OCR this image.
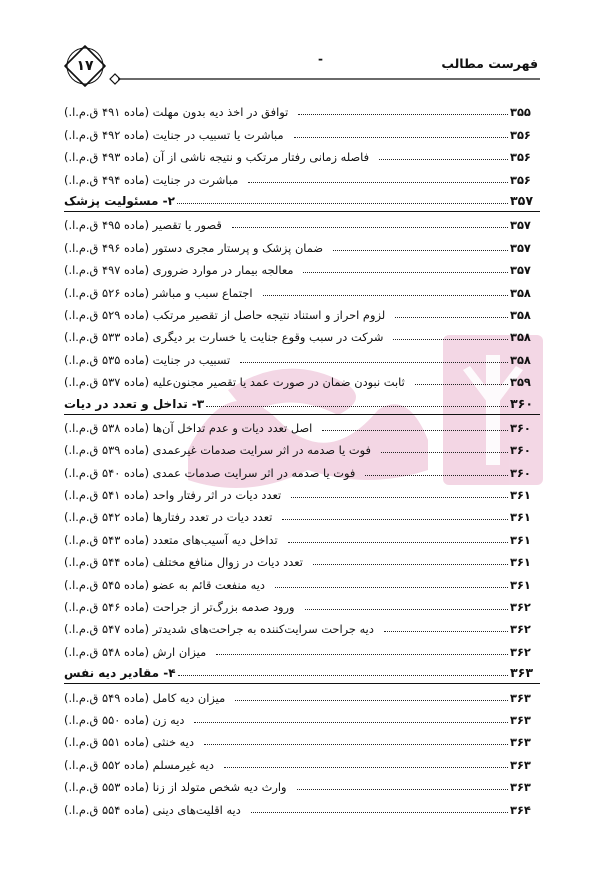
۱۷	-	فهرست مطالب
توافق در اخذ دیه بدون مهلت (ماده ۴۹۱ ق.م.ا.)	۳۵۵
مباشرت یا تسبیب در جنایت (ماده ۴۹۲ ق.م.ا.)	۳۵۶
فاصله زمانی رفتار مرتکب و نتیجه ناشی از آن (ماده ۴۹۳ ق.م.ا.)	۳۵۶
مباشرت در جنایت (ماده ۴۹۴ ق.م.ا.)	۳۵۶
۲- مسئولیت پزشک	۳۵۷
قصور یا تقصیر (ماده ۴۹۵ ق.م.ا.)	۳۵۷
ضمان پزشک و پرستار مجری دستور (ماده ۴۹۶ ق.م.ا.)	۳۵۷
معالجه بیمار در موارد ضروری (ماده ۴۹۷ ق.م.ا.)	۳۵۷
اجتماع سبب و مباشر (ماده ۵۲۶ ق.م.ا.)	۳۵۸
لزوم احراز و استناد نتیجه حاصل از تقصیر مرتکب (ماده ۵۲۹ ق.م.ا.)	۳۵۸
شرکت در سبب وقوع جنایت یا خسارت بر دیگری (ماده ۵۳۳ ق.م.ا.)	۳۵۸
تسبیب در جنایت (ماده ۵۳۵ ق.م.ا.)	۳۵۸
ثابت نبودن ضمان در صورت عمد یا تقصیر مجنون‌علیه (ماده ۵۳۷ ق.م.ا.)	۳۵۹
۳- تداخل و تعدد در دیات	۳۶۰
اصل تعدد دیات و عدم تداخل آن‌ها (ماده ۵۳۸ ق.م.ا.)	۳۶۰
فوت یا صدمه در اثر سرایت صدمات غیرعمدی (ماده ۵۳۹ ق.م.ا.)	۳۶۰
فوت یا صدمه در اثر سرایت صدمات عمدی (ماده ۵۴۰ ق.م.ا.)	۳۶۰
تعدد دیات در اثر رفتار واحد (ماده ۵۴۱ ق.م.ا.)	۳۶۱
تعدد دیات در تعدد رفتارها (ماده ۵۴۲ ق.م.ا.)	۳۶۱
تداخل دیه آسیب‌های متعدد (ماده ۵۴۳ ق.م.ا.)	۳۶۱
تعدد دیات در زوال منافع مختلف (ماده ۵۴۴ ق.م.ا.)	۳۶۱
دیه منفعت قائم به عضو (ماده ۵۴۵ ق.م.ا.)	۳۶۱
ورود صدمه بزرگ‌تر از جراحت (ماده ۵۴۶ ق.م.ا.)	۳۶۲
دیه جراحت سرایت‌کننده به جراحت‌های شدیدتر (ماده ۵۴۷ ق.م.ا.)	۳۶۲
میزان ارش (ماده ۵۴۸ ق.م.ا.)	۳۶۲
۴- مقادیر دیه نفس	۳۶۳
میزان دیه کامل (ماده ۵۴۹ ق.م.ا.)	۳۶۳
دیه زن (ماده ۵۵۰ ق.م.ا.)	۳۶۳
دیه خنثی (ماده ۵۵۱ ق.م.ا.)	۳۶۳
دیه غیرمسلم (ماده ۵۵۲ ق.م.ا.)	۳۶۳
وارث دیه شخص متولد از زنا (ماده ۵۵۳ ق.م.ا.)	۳۶۳
دیه اقلیت‌های دینی (ماده ۵۵۴ ق.م.ا.)	۳۶۴
